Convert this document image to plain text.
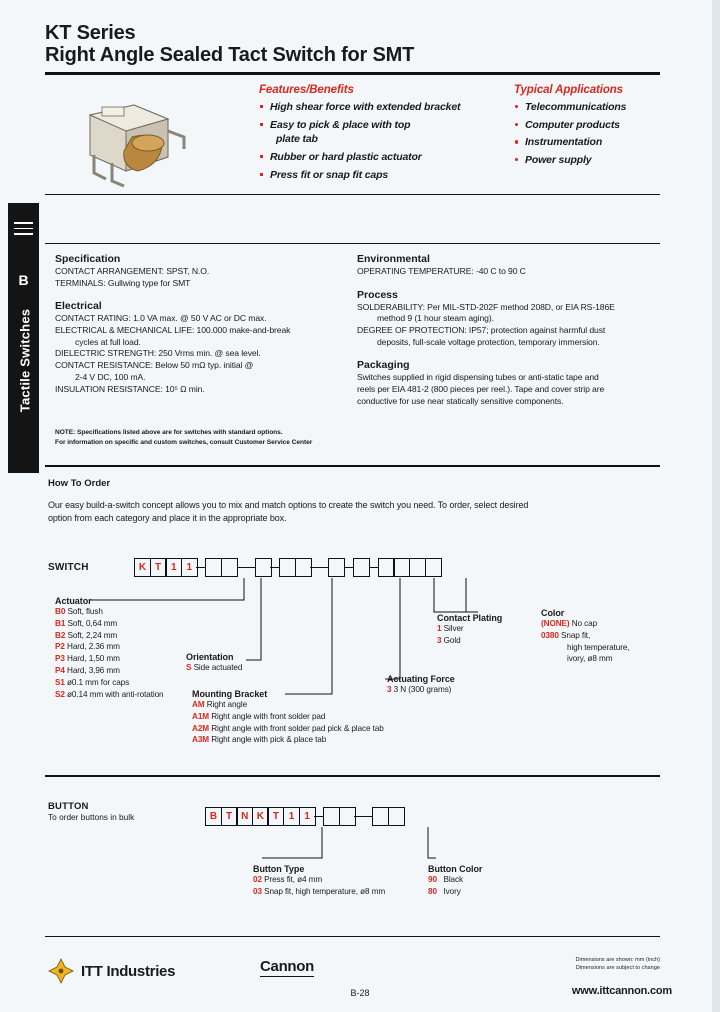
KT Series
Right Angle Sealed Tact Switch for SMT
Features/Benefits
High shear force with extended bracket
Easy to pick & place with top
plate tab
Rubber or hard plastic actuator
Press fit or snap fit caps
Typical Applications
Telecommunications
Computer products
Instrumentation
Power supply
B
Tactile Switches
Specification
CONTACT ARRANGEMENT: SPST, N.O.
TERMINALS: Gullwing type for SMT
Electrical
CONTACT RATING: 1.0 VA max. @ 50 V AC or DC max.
ELECTRICAL & MECHANICAL LIFE: 100.000 make-and-break
cycles at full load.
DIELECTRIC STRENGTH: 250 Vrms min. @ sea level.
CONTACT RESISTANCE: Below 50 mΩ typ. initial @
2-4 V DC, 100 mA.
INSULATION RESISTANCE: 10⁵ Ω min.
Environmental
OPERATING TEMPERATURE: -40 C to 90 C
Process
SOLDERABILITY: Per MIL-STD-202F method 208D, or EIA RS-186E
method 9 (1 hour steam aging).
DEGREE OF PROTECTION: IP57; protection against harmful dust
deposits, full-scale voltage protection, temporary immersion.
Packaging
Switches supplied in rigid dispensing tubes or anti-static tape and
reels per EIA 481-2 (800 pieces per reel.). Tape and cover strip are
conductive for use near statically sensitive components.
NOTE: Specifications listed above are for switches with standard options.
For information on specific and custom switches, consult Customer Service Center
How To Order
Our easy build-a-switch concept allows you to mix and match options to create the switch you need. To order, select desired
option from each category and place it in the appropriate box.
SWITCH	K T 1	1
Actuator
B0 Soft, flush
B1 Soft, 0,64 mm
B2 Soft, 2,24 mm
P2 Hard, 2.36 mm
P3 Hard, 1,50 mm
P4 Hard, 3,96 mm
S1 ø0.1 mm for caps
S2 ø0.14 mm with anti-rotation
Orientation
S Side actuated
Mounting Bracket
AM Right angle
A1M Right angle with front solder pad
A2M Right angle with front solder pad pick & place tab
A3M Right angle with pick & place tab
Actuating Force
3 3 N (300 grams)
Contact Plating
1 Silver
3 Gold
Color
(NONE) No cap
0380 Snap fit,
high temperature,
ivory, ø8 mm
BUTTON
To order buttons in bulk	B T N K T 1	1
Button Type
02 Press fit, ø4 mm
03 Snap fit, high temperature, ø8 mm
Button Color
90 Black
80 Ivory
ITT Industries	Cannon	Dimensions are shown: mm (inch)
Dimensions are subject to change
B-28	www.ittcannon.com
